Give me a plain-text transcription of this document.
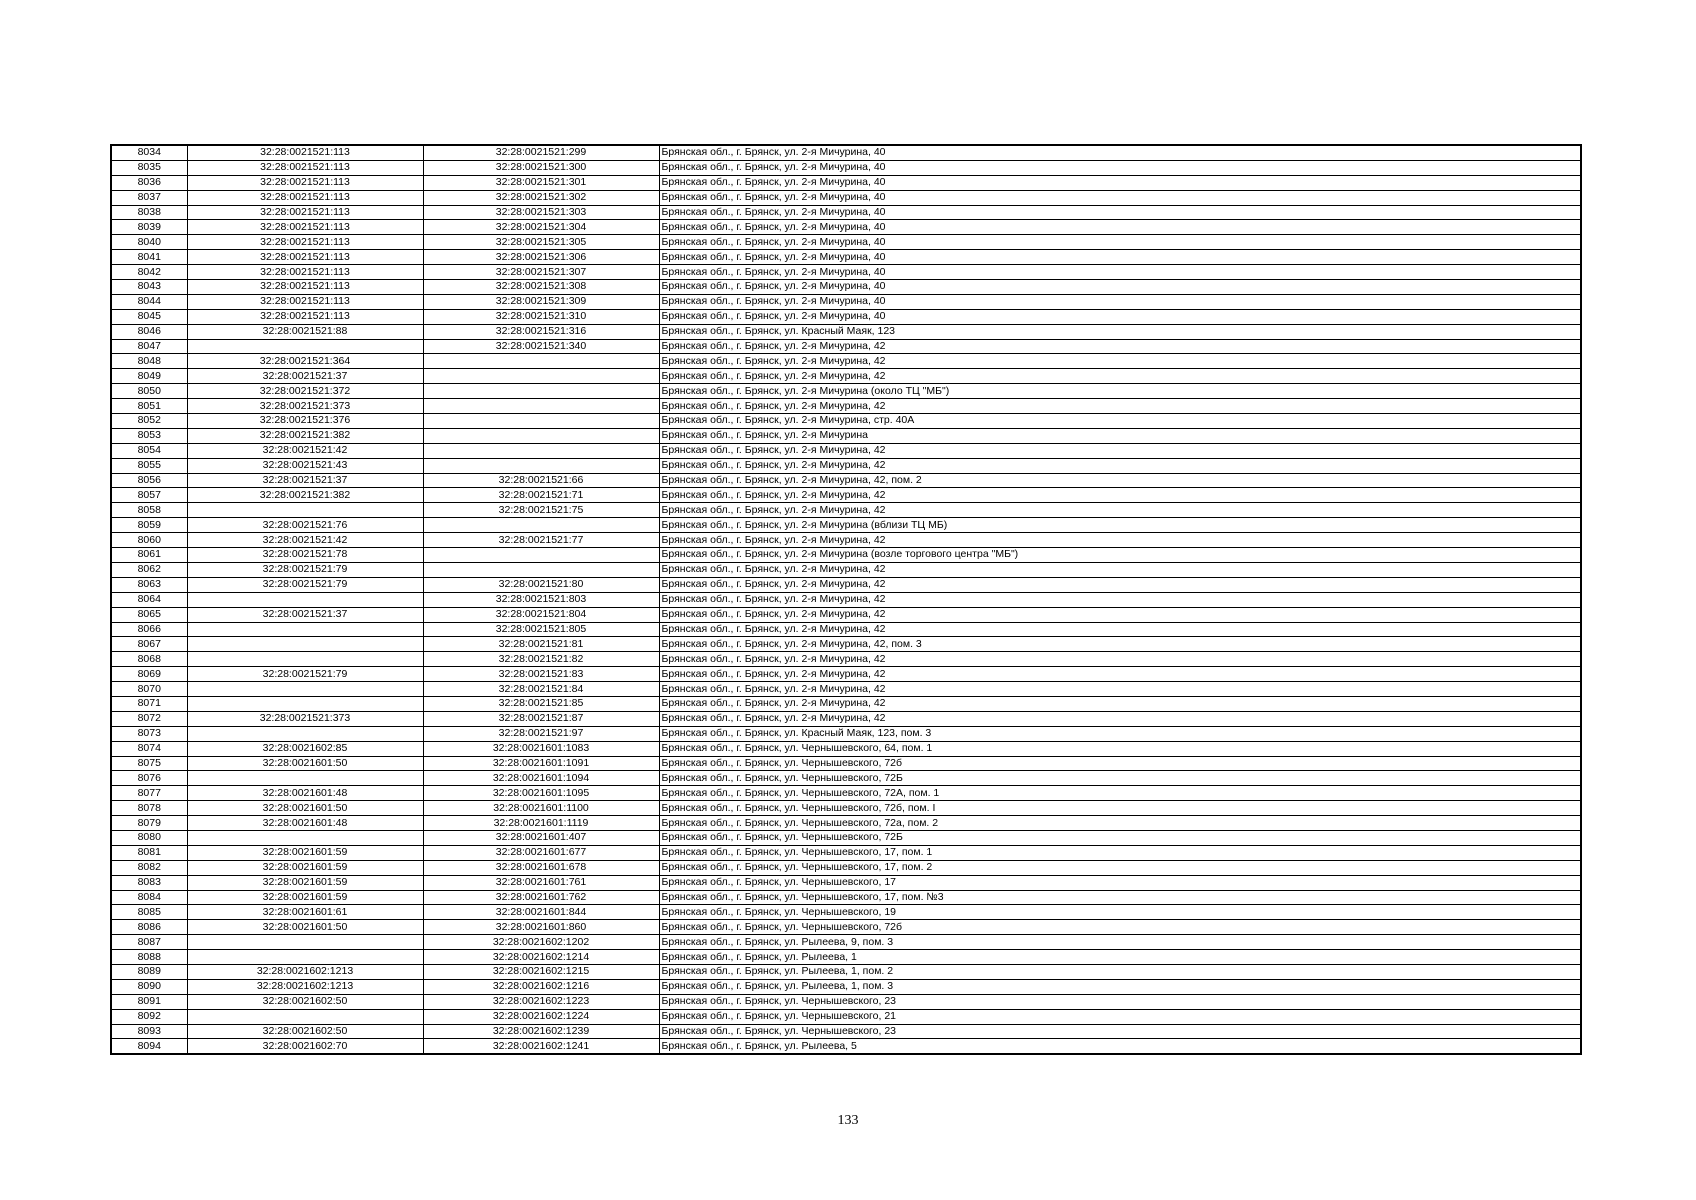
8034	32:28:0021521:113	32:28:0021521:299	Брянская обл., г. Брянск, ул. 2-я Мичурина, 40
8035	32:28:0021521:113	32:28:0021521:300	Брянская обл., г. Брянск, ул. 2-я Мичурина, 40
8036	32:28:0021521:113	32:28:0021521:301	Брянская обл., г. Брянск, ул. 2-я Мичурина, 40
8037	32:28:0021521:113	32:28:0021521:302	Брянская обл., г. Брянск, ул. 2-я Мичурина, 40
8038	32:28:0021521:113	32:28:0021521:303	Брянская обл., г. Брянск, ул. 2-я Мичурина, 40
8039	32:28:0021521:113	32:28:0021521:304	Брянская обл., г. Брянск, ул. 2-я Мичурина, 40
8040	32:28:0021521:113	32:28:0021521:305	Брянская обл., г. Брянск, ул. 2-я Мичурина, 40
8041	32:28:0021521:113	32:28:0021521:306	Брянская обл., г. Брянск, ул. 2-я Мичурина, 40
8042	32:28:0021521:113	32:28:0021521:307	Брянская обл., г. Брянск, ул. 2-я Мичурина, 40
8043	32:28:0021521:113	32:28:0021521:308	Брянская обл., г. Брянск, ул. 2-я Мичурина, 40
8044	32:28:0021521:113	32:28:0021521:309	Брянская обл., г. Брянск, ул. 2-я Мичурина, 40
8045	32:28:0021521:113	32:28:0021521:310	Брянская обл., г. Брянск, ул. 2-я Мичурина, 40
8046	32:28:0021521:88	32:28:0021521:316	Брянская обл., г. Брянск, ул. Красный Маяк, 123
8047		32:28:0021521:340	Брянская обл., г. Брянск, ул. 2-я Мичурина, 42
8048	32:28:0021521:364		Брянская обл., г. Брянск, ул. 2-я Мичурина, 42
8049	32:28:0021521:37		Брянская обл., г. Брянск, ул. 2-я Мичурина, 42
8050	32:28:0021521:372		Брянская обл., г. Брянск, ул. 2-я Мичурина (около ТЦ "МБ")
8051	32:28:0021521:373		Брянская обл., г. Брянск, ул. 2-я Мичурина, 42
8052	32:28:0021521:376		Брянская обл., г. Брянск, ул. 2-я Мичурина, стр. 40А
8053	32:28:0021521:382		Брянская обл., г. Брянск, ул. 2-я Мичурина
8054	32:28:0021521:42		Брянская обл., г. Брянск, ул. 2-я Мичурина, 42
8055	32:28:0021521:43		Брянская обл., г. Брянск, ул. 2-я Мичурина, 42
8056	32:28:0021521:37	32:28:0021521:66	Брянская обл., г. Брянск, ул. 2-я Мичурина, 42, пом. 2
8057	32:28:0021521:382	32:28:0021521:71	Брянская обл., г. Брянск, ул. 2-я Мичурина, 42
8058		32:28:0021521:75	Брянская обл., г. Брянск, ул. 2-я Мичурина, 42
8059	32:28:0021521:76		Брянская обл., г. Брянск, ул. 2-я Мичурина (вблизи ТЦ МБ)
8060	32:28:0021521:42	32:28:0021521:77	Брянская обл., г. Брянск, ул. 2-я Мичурина, 42
8061	32:28:0021521:78		Брянская обл., г. Брянск, ул. 2-я Мичурина (возле торгового центра "МБ")
8062	32:28:0021521:79		Брянская обл., г. Брянск, ул. 2-я Мичурина, 42
8063	32:28:0021521:79	32:28:0021521:80	Брянская обл., г. Брянск, ул. 2-я Мичурина, 42
8064		32:28:0021521:803	Брянская обл., г. Брянск, ул. 2-я Мичурина, 42
8065	32:28:0021521:37	32:28:0021521:804	Брянская обл., г. Брянск, ул. 2-я Мичурина, 42
8066		32:28:0021521:805	Брянская обл., г. Брянск, ул. 2-я Мичурина, 42
8067		32:28:0021521:81	Брянская обл., г. Брянск, ул. 2-я Мичурина, 42, пом. 3
8068		32:28:0021521:82	Брянская обл., г. Брянск, ул. 2-я Мичурина, 42
8069	32:28:0021521:79	32:28:0021521:83	Брянская обл., г. Брянск, ул. 2-я Мичурина, 42
8070		32:28:0021521:84	Брянская обл., г. Брянск, ул. 2-я Мичурина, 42
8071		32:28:0021521:85	Брянская обл., г. Брянск, ул. 2-я Мичурина, 42
8072	32:28:0021521:373	32:28:0021521:87	Брянская обл., г. Брянск, ул. 2-я Мичурина, 42
8073		32:28:0021521:97	Брянская обл., г. Брянск, ул. Красный Маяк, 123, пом. 3
8074	32:28:0021602:85	32:28:0021601:1083	Брянская обл., г. Брянск, ул. Чернышевского, 64, пом. 1
8075	32:28:0021601:50	32:28:0021601:1091	Брянская обл., г. Брянск, ул. Чернышевского, 72б
8076		32:28:0021601:1094	Брянская обл., г. Брянск, ул. Чернышевского, 72Б
8077	32:28:0021601:48	32:28:0021601:1095	Брянская обл., г. Брянск, ул. Чернышевского, 72А, пом. 1
8078	32:28:0021601:50	32:28:0021601:1100	Брянская обл., г. Брянск, ул. Чернышевского, 72б, пом. I
8079	32:28:0021601:48	32:28:0021601:1119	Брянская обл., г. Брянск, ул. Чернышевского, 72а, пом. 2
8080		32:28:0021601:407	Брянская обл., г. Брянск, ул. Чернышевского, 72Б
8081	32:28:0021601:59	32:28:0021601:677	Брянская обл., г. Брянск, ул. Чернышевского, 17, пом. 1
8082	32:28:0021601:59	32:28:0021601:678	Брянская обл., г. Брянск, ул. Чернышевского, 17, пом. 2
8083	32:28:0021601:59	32:28:0021601:761	Брянская обл., г. Брянск, ул. Чернышевского, 17
8084	32:28:0021601:59	32:28:0021601:762	Брянская обл., г. Брянск, ул. Чернышевского, 17, пом. №3
8085	32:28:0021601:61	32:28:0021601:844	Брянская обл., г. Брянск, ул. Чернышевского, 19
8086	32:28:0021601:50	32:28:0021601:860	Брянская обл., г. Брянск, ул. Чернышевского, 72б
8087		32:28:0021602:1202	Брянская обл., г. Брянск, ул. Рылеева, 9, пом. 3
8088		32:28:0021602:1214	Брянская обл., г. Брянск, ул. Рылеева, 1
8089	32:28:0021602:1213	32:28:0021602:1215	Брянская обл., г. Брянск, ул. Рылеева, 1, пом. 2
8090	32:28:0021602:1213	32:28:0021602:1216	Брянская обл., г. Брянск, ул. Рылеева, 1, пом. 3
8091	32:28:0021602:50	32:28:0021602:1223	Брянская обл., г. Брянск, ул. Чернышевского, 23
8092		32:28:0021602:1224	Брянская обл., г. Брянск, ул. Чернышевского, 21
8093	32:28:0021602:50	32:28:0021602:1239	Брянская обл., г. Брянск, ул. Чернышевского, 23
8094	32:28:0021602:70	32:28:0021602:1241	Брянская обл., г. Брянск, ул. Рылеева, 5
133
